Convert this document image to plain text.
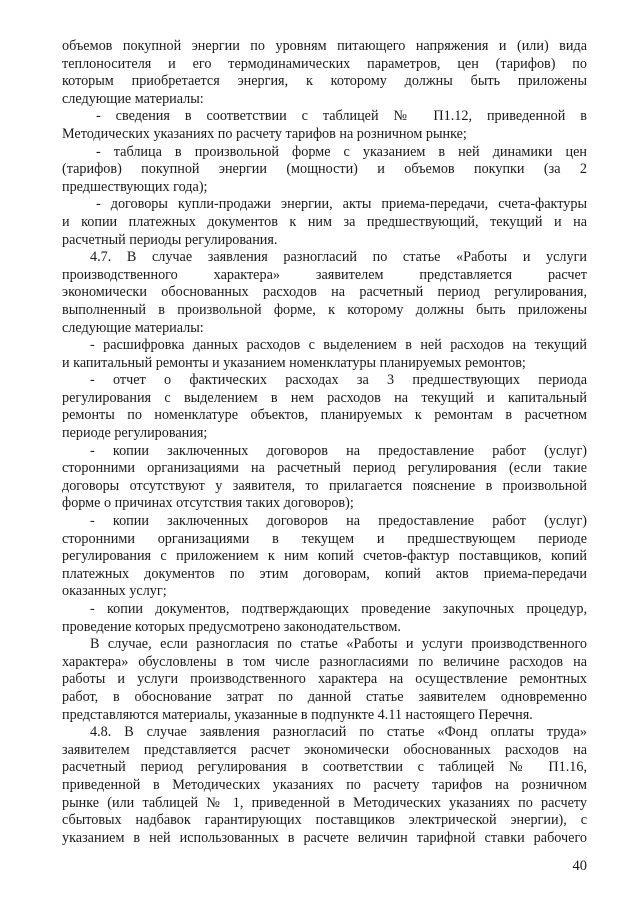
объемов покупной энергии по уровням питающего напряжения и (или) вида
теплоносителя и его термодинамических параметров, цен (тарифов) по
которым приобретается энергия, к которому должны быть приложены
следующие материалы:
- сведения в соответствии с таблицей № П1.12, приведенной в
Методических указаниях по расчету тарифов на розничном рынке;
- таблица в произвольной форме с указанием в ней динамики цен
(тарифов) покупной энергии (мощности) и объемов покупки (за 2
предшествующих года);
- договоры купли-продажи энергии, акты приема-передачи, счета-фактуры
и копии платежных документов к ним за предшествующий, текущий и на
расчетный периоды регулирования.
4.7. В случае заявления разногласий по статье «Работы и услуги
производственного характера» заявителем представляется расчет
экономически обоснованных расходов на расчетный период регулирования,
выполненный в произвольной форме, к которому должны быть приложены
следующие материалы:
- расшифровка данных расходов с выделением в ней расходов на текущий
и капитальный ремонты и указанием номенклатуры планируемых ремонтов;
- отчет о фактических расходах за 3 предшествующих периода
регулирования с выделением в нем расходов на текущий и капитальный
ремонты по номенклатуре объектов, планируемых к ремонтам в расчетном
периоде регулирования;
- копии заключенных договоров на предоставление работ (услуг)
сторонними организациями на расчетный период регулирования (если такие
договоры отсутствуют у заявителя, то прилагается пояснение в произвольной
форме о причинах отсутствия таких договоров);
- копии заключенных договоров на предоставление работ (услуг)
сторонними организациями в текущем и предшествующем периоде
регулирования с приложением к ним копий счетов-фактур поставщиков, копий
платежных документов по этим договорам, копий актов приема-передачи
оказанных услуг;
- копии документов, подтверждающих проведение закупочных процедур,
проведение которых предусмотрено законодательством.
В случае, если разногласия по статье «Работы и услуги производственного
характера» обусловлены в том числе разногласиями по величине расходов на
работы и услуги производственного характера на осуществление ремонтных
работ, в обоснование затрат по данной статье заявителем одновременно
представляются материалы, указанные в подпункте 4.11 настоящего Перечня.
4.8. В случае заявления разногласий по статье «Фонд оплаты труда»
заявителем представляется расчет экономически обоснованных расходов на
расчетный период регулирования в соответствии с таблицей № П1.16,
приведенной в Методических указаниях по расчету тарифов на розничном
рынке (или таблицей № 1, приведенной в Методических указаниях по расчету
сбытовых надбавок гарантирующих поставщиков электрической энергии), с
указанием в ней использованных в расчете величин тарифной ставки рабочего
40
